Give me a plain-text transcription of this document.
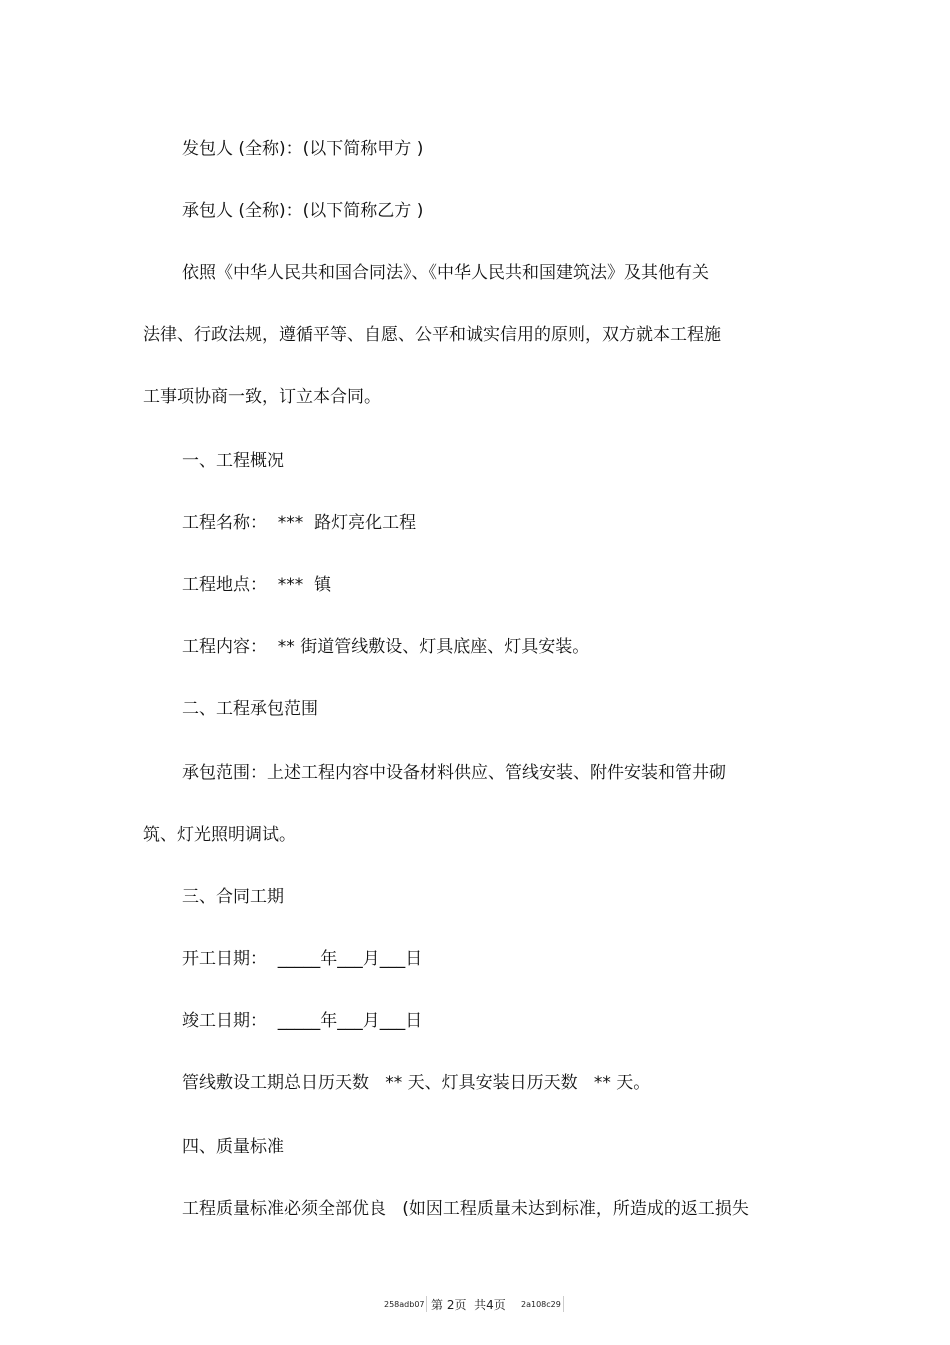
发包人 (全称)：(以下简称甲方 )
承包人 (全称)：(以下简称乙方 )
依照《中华人民共和国合同法》、《中华人民共和国建筑法》及其他有关
法律、行政法规，遵循平等、自愿、公平和诚实信用的原则，双方就本工程施
工事项协商一致，订立本合同。
一、工程概况
工程名称：  ***  路灯亮化工程
工程地点：  ***  镇
工程内容：  ** 街道管线敷设、灯具底座、灯具安装。
二、工程承包范围
承包范围：上述工程内容中设备材料供应、管线安装、附件安装和管井砌
筑、灯光照明调试。
三、合同工期
开工日期：  _____年___月___日
竣工日期：  _____年___月___日
管线敷设工期总日历天数   ** 天、灯具安装日历天数   ** 天。
四、质量标准
工程质量标准必须全部优良   (如因工程质量未达到标准，所造成的返工损失
258adb07 第 2页  共4页 2a108c29
